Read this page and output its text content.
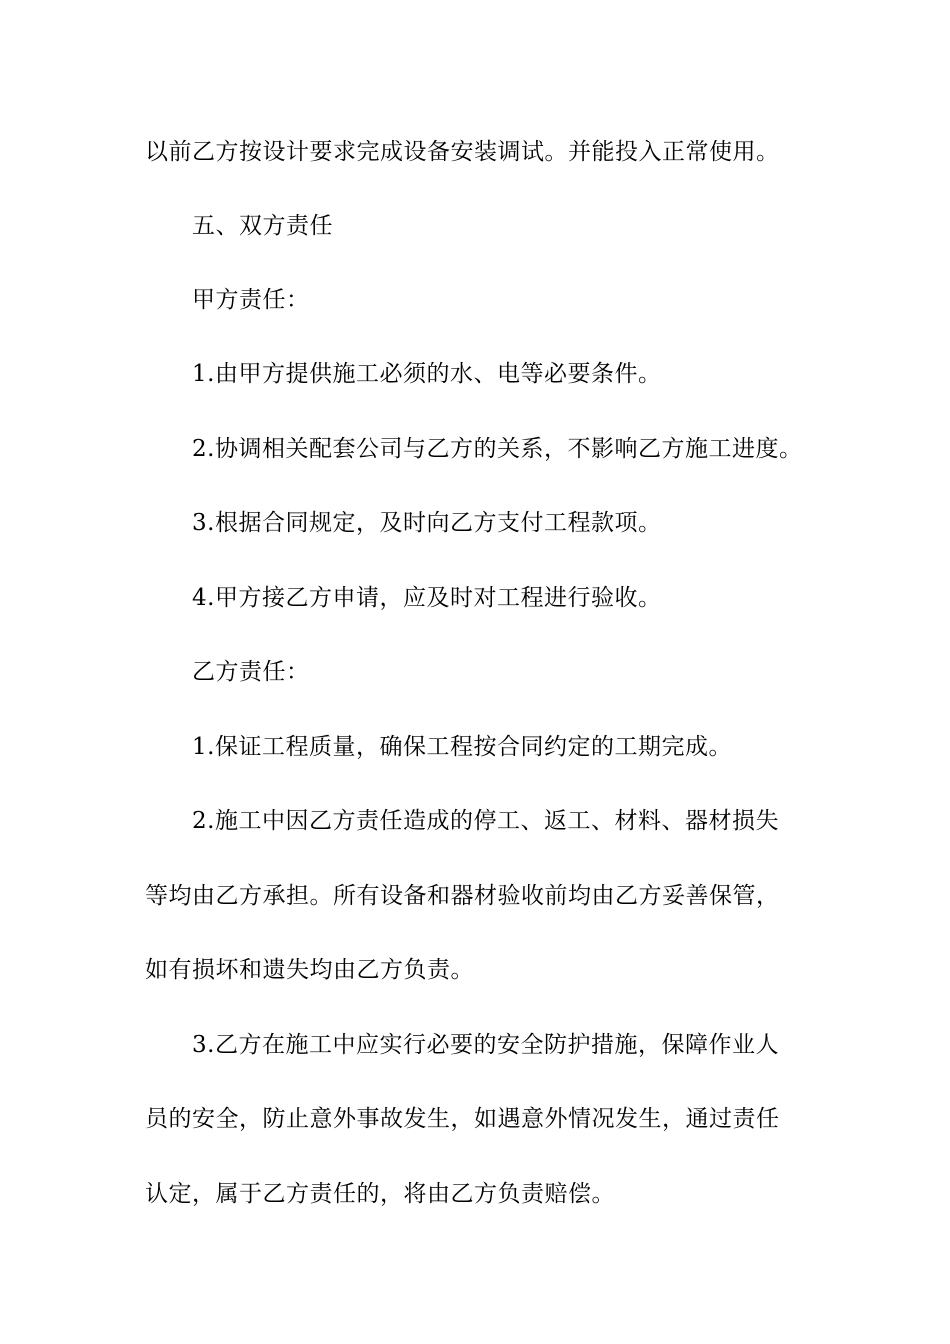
以前乙方按设计要求完成设备安装调试。并能投入正常使用。
五、双方责任
甲方责任：
1.由甲方提供施工必须的水、电等必要条件。
2.协调相关配套公司与乙方的关系，不影响乙方施工进度。
3.根据合同规定，及时向乙方支付工程款项。
4.甲方接乙方申请，应及时对工程进行验收。
乙方责任：
1.保证工程质量，确保工程按合同约定的工期完成。
2.施工中因乙方责任造成的停工、返工、材料、器材损失
等均由乙方承担。所有设备和器材验收前均由乙方妥善保管，
如有损坏和遗失均由乙方负责。
3.乙方在施工中应实行必要的安全防护措施，保障作业人
员的安全，防止意外事故发生，如遇意外情况发生，通过责任
认定，属于乙方责任的，将由乙方负责赔偿。
